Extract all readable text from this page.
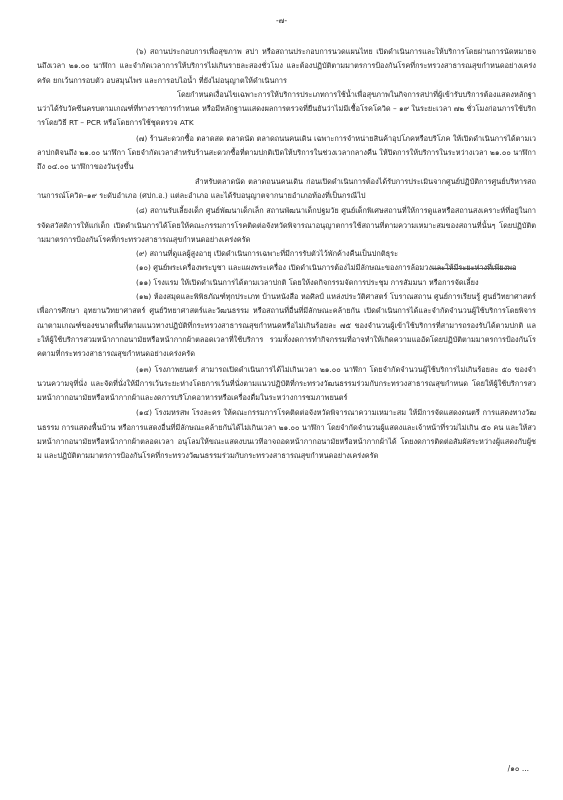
-๗-

(๖) สถานประกอบการเพื่อสุขภาพ สปา หรือสถานประกอบการนวดแผนไทย เปิดดำเนินการและให้บริการโดยผ่านการนัดหมายจนถึงเวลา ๒๑.๐๐ นาฬิกา และจำกัดเวลาการให้บริการไม่เกินรายละสองชั่วโมง และต้องปฏิบัติตามมาตรการป้องกันโรคที่กระทรวงสาธารณสุขกำหนดอย่างเคร่งครัด ยกเว้นการอบตัว อบสมุนไพร และการอบไอน้ำ ที่ยังไม่อนุญาตให้ดำเนินการ

โดยกำหนดเงื่อนไขเฉพาะการให้บริการประเภทการใช้น้ำเพื่อสุขภาพในกิจการสปาที่ผู้เข้ารับบริการต้องแสดงหลักฐานว่าได้รับวัคซีนครบตามเกณฑ์ที่ทางราชการกำหนด หรือมีหลักฐานแสดงผลการตรวจที่ยืนยันว่าไม่มีเชื้อโรคโควิด – ๑๙ ในระยะเวลา ๗๒ ชั่วโมงก่อนการใช้บริการโดยวิธี RT – PCR หรือโดยการใช้ชุดตรวจ ATK

(๗) ร้านสะดวกซื้อ ตลาดสด ตลาดนัด ตลาดถนนคนเดิน เฉพาะการจำหน่ายสินค้าอุปโภคหรือบริโภค ให้เปิดดำเนินการได้ตามเวลาปกติจนถึง ๒๑.๐๐ นาฬิกา โดยจำกัดเวลาสำหรับร้านสะดวกซื้อที่ตามปกติเปิดให้บริการในช่วงเวลากลางคืน ให้ปิดการให้บริการในระหว่างเวลา ๒๑.๐๐ นาฬิกา ถึง ๐๔.๐๐ นาฬิกาของวันรุ่งขึ้น

สำหรับตลาดนัด ตลาดถนนคนเดิน ก่อนเปิดดำเนินการต้องได้รับการประเมินจากศูนย์ปฏิบัติการศูนย์บริหารสถานการณ์โควิด–๑๙ ระดับอำเภอ (ศปก.อ.) แต่ละอำเภอ และได้รับอนุญาตจากนายอำเภอท้องที่เป็นกรณีไป

(๘) สถานรับเลี้ยงเด็ก ศูนย์พัฒนาเด็กเล็ก สถานพัฒนาเด็กปฐมวัย ศูนย์เด็กพิเศษสถานที่ให้การดูแลหรือสถานสงเคราะห์ที่อยู่ในการจัดสวัสดิการให้แก่เด็ก เปิดดำเนินการได้โดยให้คณะกรรมการโรคติดต่อจังหวัดพิจารณาอนุญาตการใช้สถานที่ตามความเหมาะสมของสถานที่นั้นๆ โดยปฏิบัติตามมาตรการป้องกันโรคที่กระทรวงสาธารณสุขกำหนดอย่างเคร่งครัด

(๙) สถานที่ดูแลผู้สูงอายุ เปิดดำเนินการเฉพาะที่มีการรับตัวไว้พักค้างคืนเป็นปกติธุระ

(๑๐) ศูนย์พระเครื่องพระบูชา และแผงพระเครื่อง เปิดดำเนินการต้องไม่มีลักษณะของการล้อมวงและให้มีระยะห่างที่เพียงพอ

(๑๑) โรงแรม ให้เปิดดำเนินการได้ตามเวลาปกติ โดยให้งดกิจกรรมจัดการประชุม การสัมมนา หรือการจัดเลี้ยง

(๑๒) ห้องสมุดและพิพิธภัณฑ์ทุกประเภท บ้านหนังสือ หอศิลป์ แหล่งประวัติศาสตร์ โบราณสถาน ศูนย์การเรียนรู้ ศูนย์วิทยาศาสตร์เพื่อการศึกษา อุทยานวิทยาศาสตร์ ศูนย์วิทยาศาสตร์และวัฒนธรรม หรือสถานที่อื่นที่มีลักษณะคล้ายกัน เปิดดำเนินการได้และจำกัดจำนวนผู้ใช้บริการโดยพิจารณาตามเกณฑ์ของขนาดพื้นที่ตามแนวทางปฏิบัติที่กระทรวงสาธารณสุขกำหนดหรือไม่เกินร้อยละ ๗๕ ของจำนวนผู้เข้าใช้บริการที่สามารถรองรับได้ตามปกติ และให้ผู้ใช้บริการสวมหน้ากากอนามัยหรือหน้ากากผ้าตลอดเวลาที่ใช้บริการ รวมทั้งงดการทำกิจกรรมที่อาจทำให้เกิดความแออัดโดยปฏิบัติตามมาตรการป้องกันโรคตามที่กระทรวงสาธารณสุขกำหนดอย่างเคร่งครัด

(๑๓) โรงภาพยนตร์ สามารถเปิดดำเนินการได้ไม่เกินเวลา ๒๑.๐๐ นาฬิกา โดยจำกัดจำนวนผู้ใช้บริการไม่เกินร้อยละ ๕๐ ของจำนวนความจุที่นั่ง และจัดที่นั่งให้มีการเว้นระยะห่างโดยการเว้นที่นั่งตามแนวปฏิบัติที่กระทรวงวัฒนธรรมร่วมกับกระทรวงสาธารณสุขกำหนด โดยให้ผู้ใช้บริการสวมหน้ากากอนามัยหรือหน้ากากผ้าและงดการบริโภคอาหารหรือเครื่องดื่มในระหว่างการชมภาพยนตร์

(๑๔) โรงมหรสพ โรงละคร ให้คณะกรรมการโรคติดต่อจังหวัดพิจารณาความเหมาะสม ให้มีการจัดแสดงดนตรี การแสดงทางวัฒนธรรม การแสดงพื้นบ้าน หรือการแสดงอื่นที่มีลักษณะคล้ายกันได้ไม่เกินเวลา ๒๑.๐๐ นาฬิกา โดยจำกัดจำนวนผู้แสดงและเจ้าหน้าที่รวมไม่เกิน ๕๐ คน และให้สวมหน้ากากอนามัยหรือหน้ากากผ้าตลอดเวลา อนุโลมให้ขณะแสดงบนเวทีอาจถอดหน้ากากอนามัยหรือหน้ากากผ้าได้ โดยงดการติดต่อสัมผัสระหว่างผู้แสดงกับผู้ชม และปฏิบัติตามมาตรการป้องกันโรคที่กระทรวงวัฒนธรรมร่วมกับกระทรวงสาธารณสุขกำหนดอย่างเคร่งครัด

/๑๐ ...
